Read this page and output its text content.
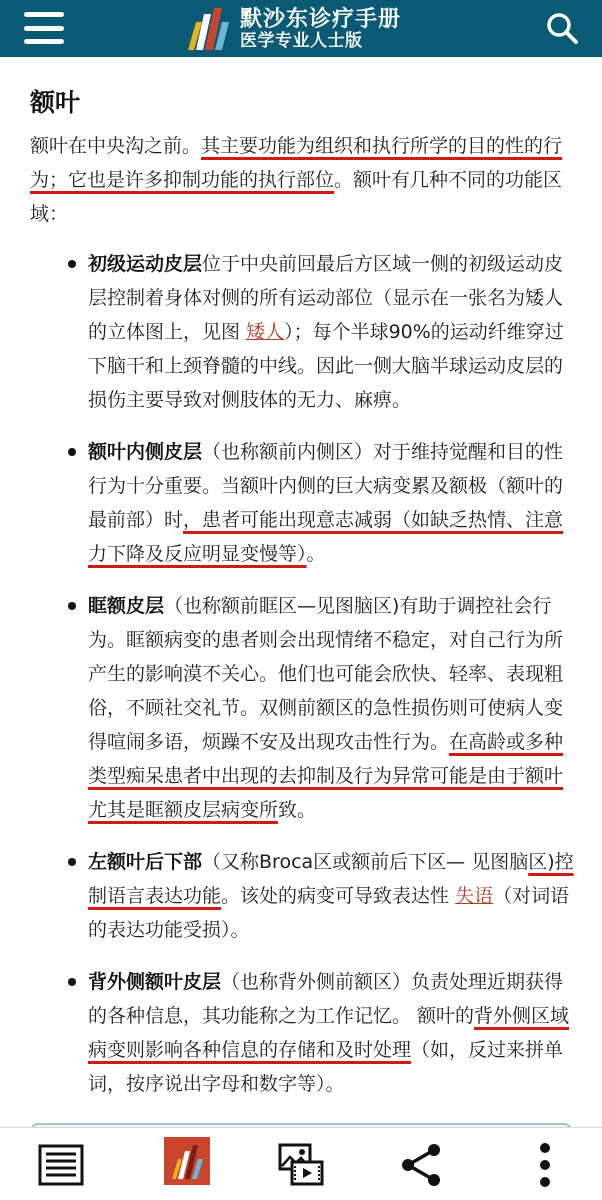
默沙东诊疗手册
医学专业人士版
额叶

额叶在中央沟之前。其主要功能为组织和执行所学的目的性的行为；它也是许多抑制功能的执行部位。额叶有几种不同的功能区域：

初级运动皮层位于中央前回最后方区域一侧的初级运动皮层控制着身体对侧的所有运动部位（显示在一张名为矮人的立体图上，见图 矮人）；每个半球90%的运动纤维穿过下脑干和上颈脊髓的中线。因此一侧大脑半球运动皮层的损伤主要导致对侧肢体的无力、麻痹。
额叶内侧皮层（也称额前内侧区）对于维持觉醒和目的性行为十分重要。当额叶内侧的巨大病变累及额极（额叶的最前部）时，患者可能出现意志减弱（如缺乏热情、注意力下降及反应明显变慢等）。
眶额皮层（也称额前眶区—见图脑区)有助于调控社会行为。眶额病变的患者则会出现情绪不稳定，对自己行为所产生的影响漠不关心。他们也可能会欣快、轻率、表现粗俗，不顾社交礼节。双侧前额区的急性损伤则可使病人变得喧闹多语，烦躁不安及出现攻击性行为。在高龄或多种类型痴呆患者中出现的去抑制及行为异常可能是由于额叶尤其是眶额皮层病变所致。
左额叶后下部（又称Broca区或额前后下区— 见图脑区)控制语言表达功能。该处的病变可导致表达性 失语（对词语的表达功能受损）。
背外侧额叶皮层（也称背外侧前额区）负责处理近期获得的各种信息，其功能称之为工作记忆。 额叶的背外侧区域病变则影响各种信息的存储和及时处理（如，反过来拼单词，按序说出字母和数字等）。
